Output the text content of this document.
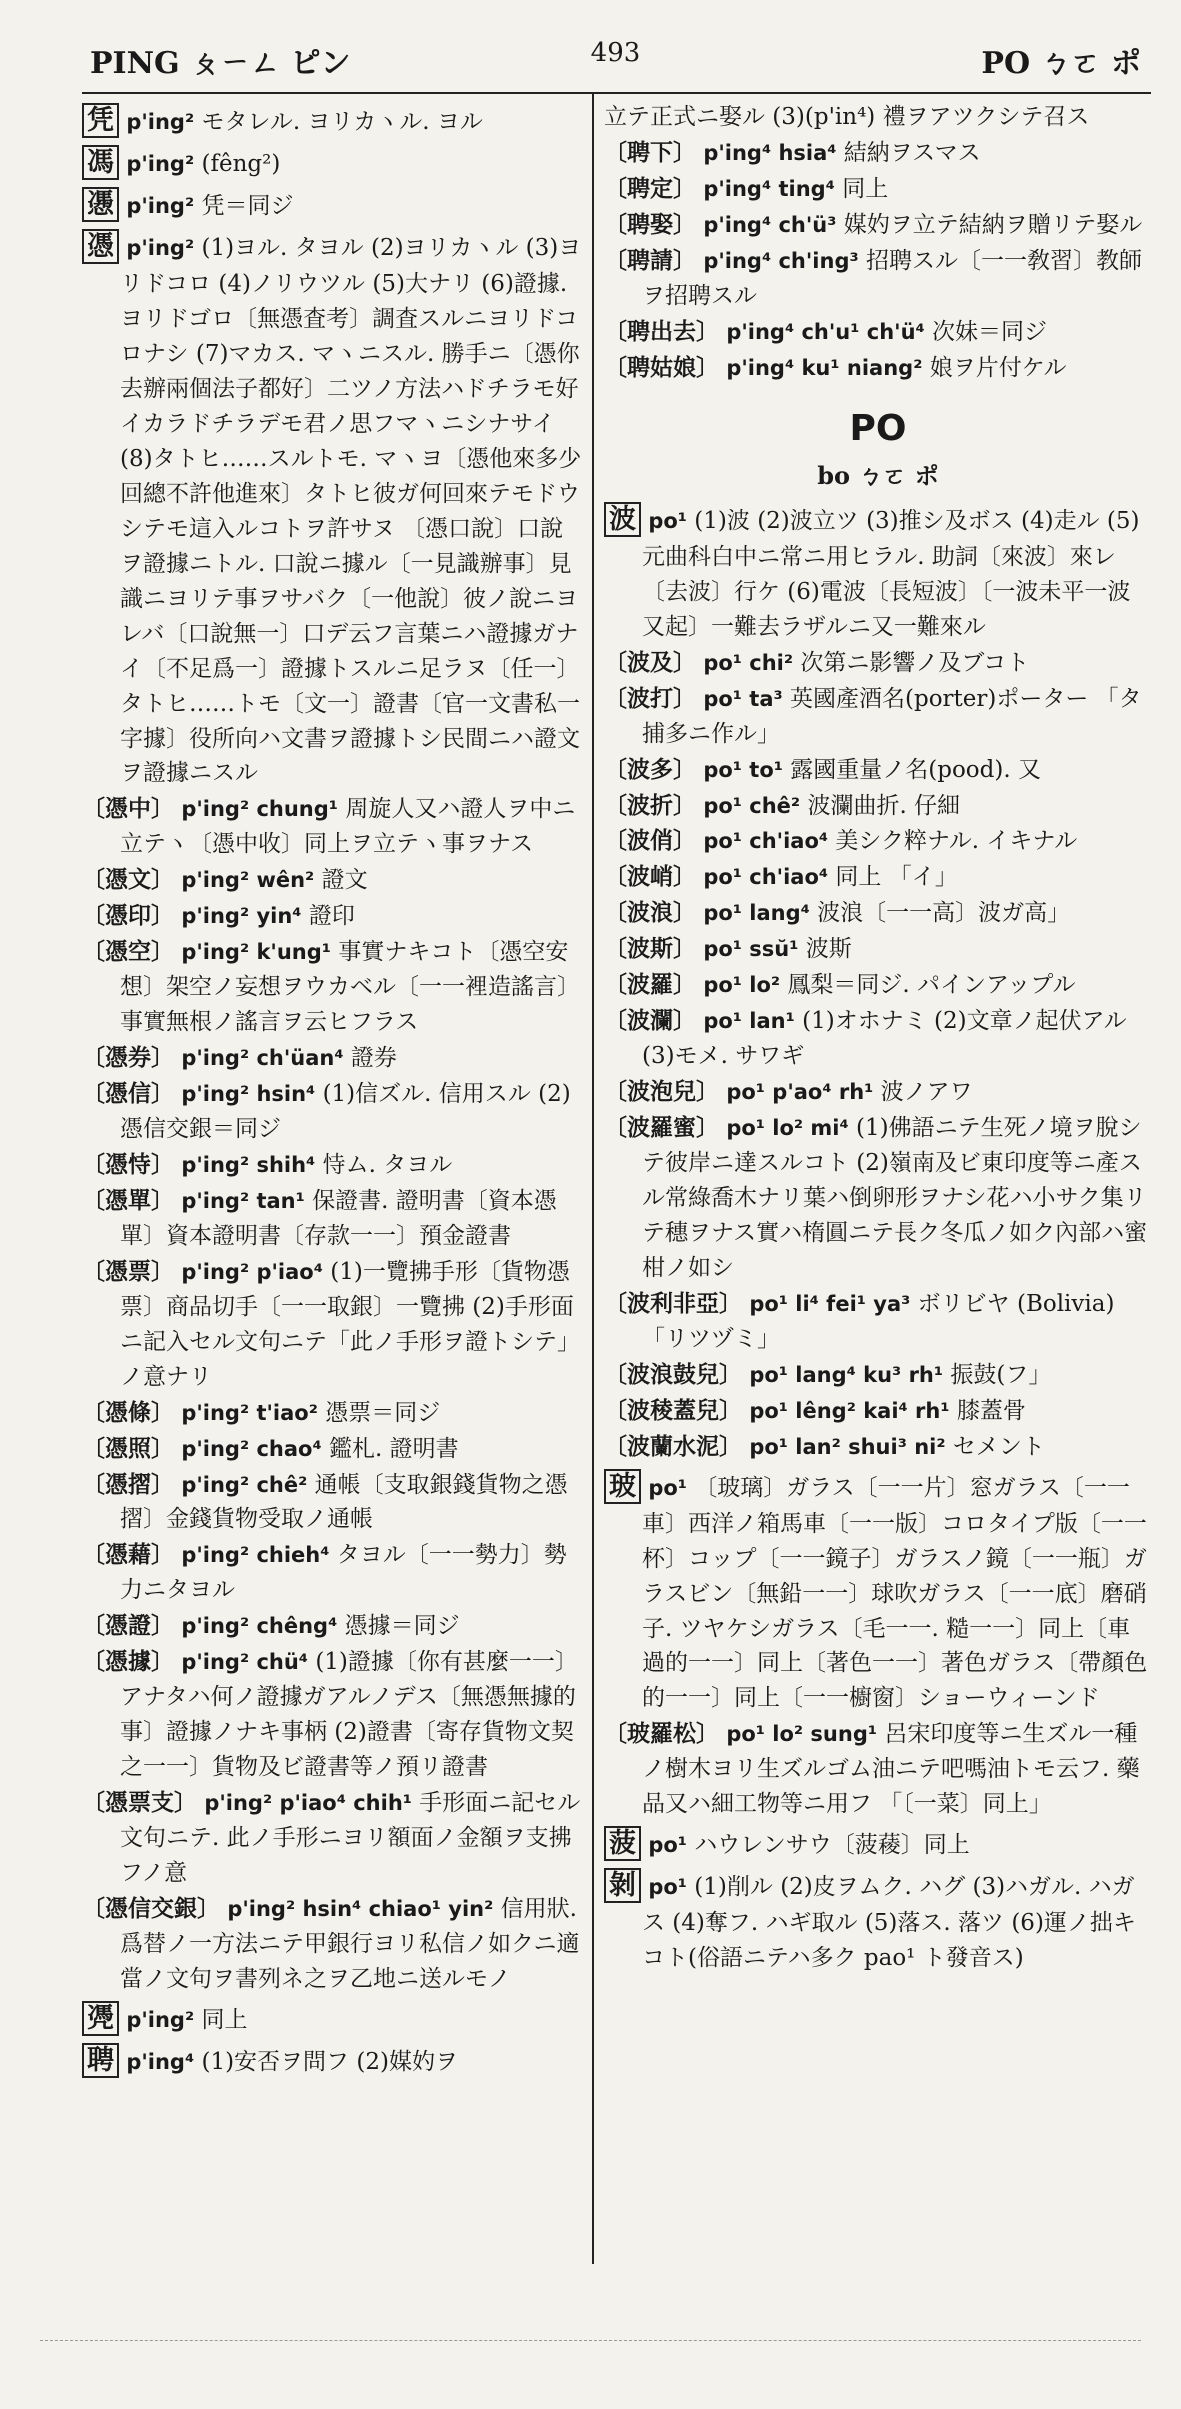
PING ㄆㄧㄥ ピン	493	PO ㄅㄛ ポ
凭 p'ing² モタレル. ヨリカヽル. ヨル
馮 p'ing² (fêng²)
慿 p'ing² 凭＝同ジ
憑 p'ing² (1)ヨル. タヨル (2)ヨリカヽル (3)ヨリドコロ (4)ノリウツル (5)大ナリ (6)證據. ヨリドゴロ〔無憑査考〕調査スルニヨリドコロナシ (7)マカス. マヽニスル. 勝手ニ〔憑你去辦兩個法子都好〕二ツノ方法ハドチラモ好イカラドチラデモ君ノ思フマヽニシナサイ (8)タトヒ……スルトモ. マヽヨ〔憑他來多少回總不許他進來〕タトヒ彼ガ何回來テモドウシテモ這入ルコトヲ許サヌ 〔憑口說〕口說ヲ證據ニトル. 口說ニ據ル〔一見識辦事〕見識ニヨリテ事ヲサバク〔一他說〕彼ノ說ニヨレバ〔口說無一〕口デ云フ言葉ニハ證據ガナイ〔不足爲一〕證據トスルニ足ラヌ〔任一〕タトヒ……トモ〔文一〕證書〔官一文書私一字據〕役所向ハ文書ヲ證據トシ民間ニハ證文ヲ證據ニスル
〔憑中〕 p'ing² chung¹ 周旋人又ハ證人ヲ中ニ立テヽ〔憑中收〕同上ヲ立テヽ事ヲナス
〔憑文〕 p'ing² wên² 證文
〔憑印〕 p'ing² yin⁴ 證印
〔憑空〕 p'ing² k'ung¹ 事實ナキコト〔憑空安想〕架空ノ妄想ヲウカベル〔一一裡造謠言〕事實無根ノ謠言ヲ云ヒフラス
〔憑券〕 p'ing² ch'üan⁴ 證券
〔憑信〕 p'ing² hsin⁴ (1)信ズル. 信用スル (2)憑信交銀＝同ジ
〔憑恃〕 p'ing² shih⁴ 恃ム. タヨル
〔憑單〕 p'ing² tan¹ 保證書. 證明書〔資本憑單〕資本證明書〔存款一一〕預金證書
〔憑票〕 p'ing² p'iao⁴ (1)一覽拂手形〔貨物憑票〕商品切手〔一一取銀〕一覽拂 (2)手形面ニ記入セル文句ニテ「此ノ手形ヲ證トシテ」ノ意ナリ
〔憑條〕 p'ing² t'iao² 憑票＝同ジ
〔憑照〕 p'ing² chao⁴ 鑑札. 證明書
〔憑摺〕 p'ing² chê² 通帳〔支取銀錢貨物之憑摺〕金錢貨物受取ノ通帳
〔憑藉〕 p'ing² chieh⁴ タヨル〔一一勢力〕勢力ニタヨル
〔憑證〕 p'ing² chêng⁴ 憑據＝同ジ
〔憑據〕 p'ing² chü⁴ (1)證據〔你有甚麼一一〕アナタハ何ノ證據ガアルノデス〔無憑無據的事〕證據ノナキ事柄 (2)證書〔寄存貨物文契之一一〕貨物及ビ證書等ノ預リ證書
〔憑票支〕 p'ing² p'iao⁴ chih¹ 手形面ニ記セル文句ニテ. 此ノ手形ニヨリ額面ノ金額ヲ支拂フノ意
〔憑信交銀〕 p'ing² hsin⁴ chiao¹ yin² 信用狀. 爲替ノ一方法ニテ甲銀行ヨリ私信ノ如クニ適當ノ文句ヲ書列ネ之ヲ乙地ニ送ルモノ
凴 p'ing² 同上
聘 p'ing⁴ (1)安否ヲ問フ (2)媒妁ヲ
立テ正式ニ娶ル (3)(p'in⁴) 禮ヲアツクシテ召ス
〔聘下〕 p'ing⁴ hsia⁴ 結納ヲスマス
〔聘定〕 p'ing⁴ ting⁴ 同上
〔聘娶〕 p'ing⁴ ch'ü³ 媒妁ヲ立テ結納ヲ贈リテ娶ル
〔聘請〕 p'ing⁴ ch'ing³ 招聘スル〔一一敎習〕教師ヲ招聘スル
〔聘出去〕 p'ing⁴ ch'u¹ ch'ü⁴ 次妹＝同ジ
〔聘姑娘〕 p'ing⁴ ku¹ niang² 娘ヲ片付ケル
PO
bo ㄅㄛ ポ
波 po¹ (1)波 (2)波立ツ (3)推シ及ボス (4)走ル (5)元曲科白中ニ常ニ用ヒラル. 助詞〔來波〕來レ〔去波〕行ケ (6)電波〔長短波〕〔一波未平一波又起〕一難去ラザルニ又一難來ル
〔波及〕 po¹ chi² 次第ニ影響ノ及ブコト
〔波打〕 po¹ ta³ 英國產酒名(porter)ポーター 「タ捕多ニ作ル」
〔波多〕 po¹ to¹ 露國重量ノ名(pood). 又
〔波折〕 po¹ chê² 波瀾曲折. 仔細
〔波俏〕 po¹ ch'iao⁴ 美シク粹ナル. イキナル
〔波峭〕 po¹ ch'iao⁴ 同上 「イ」
〔波浪〕 po¹ lang⁴ 波浪〔一一高〕波ガ高」
〔波斯〕 po¹ ssŭ¹ 波斯
〔波羅〕 po¹ lo² 鳳梨＝同ジ. パインアップル
〔波瀾〕 po¹ lan¹ (1)オホナミ (2)文章ノ起伏アル (3)モメ. サワギ
〔波泡兒〕 po¹ p'ao⁴ rh¹ 波ノアワ
〔波羅蜜〕 po¹ lo² mi⁴ (1)佛語ニテ生死ノ境ヲ脫シテ彼岸ニ達スルコト (2)嶺南及ビ東印度等ニ產スル常綠喬木ナリ葉ハ倒卵形ヲナシ花ハ小サク集リテ穗ヲナス實ハ楕圓ニテ長ク冬瓜ノ如ク內部ハ蜜柑ノ如シ
〔波利非亞〕 po¹ li⁴ fei¹ ya³ ボリビヤ (Bolivia) 「リツヅミ」
〔波浪鼓兒〕 po¹ lang⁴ ku³ rh¹ 振鼓(フ」
〔波稜蓋兒〕 po¹ lêng² kai⁴ rh¹ 膝蓋骨
〔波蘭水泥〕 po¹ lan² shui³ ni² セメント
玻 po¹ 〔玻璃〕ガラス〔一一片〕窓ガラス〔一一車〕西洋ノ箱馬車〔一一版〕コロタイプ版〔一一杯〕コップ〔一一鏡子〕ガラスノ鏡〔一一瓶〕ガラスビン〔無鉛一一〕球吹ガラス〔一一底〕磨硝子. ツヤケシガラス〔毛一一. 糙一一〕同上〔車過的一一〕同上〔著色一一〕著色ガラス〔帶顏色的一一〕同上〔一一櫥窗〕ショーウィーンド
〔玻羅松〕 po¹ lo² sung¹ 呂宋印度等ニ生ズル一種ノ樹木ヨリ生ズルゴム油ニテ吧嗎油トモ云フ. 藥品又ハ細工物等ニ用フ 「〔一菜〕同上」
菠 po¹ ハウレンサウ〔菠薐〕同上
剝 po¹ (1)削ル (2)皮ヲムク. ハグ (3)ハガル. ハガス (4)奪フ. ハギ取ル (5)落ス. 落ツ (6)運ノ拙キコト(俗語ニテハ多ク pao¹ ト發音ス)
